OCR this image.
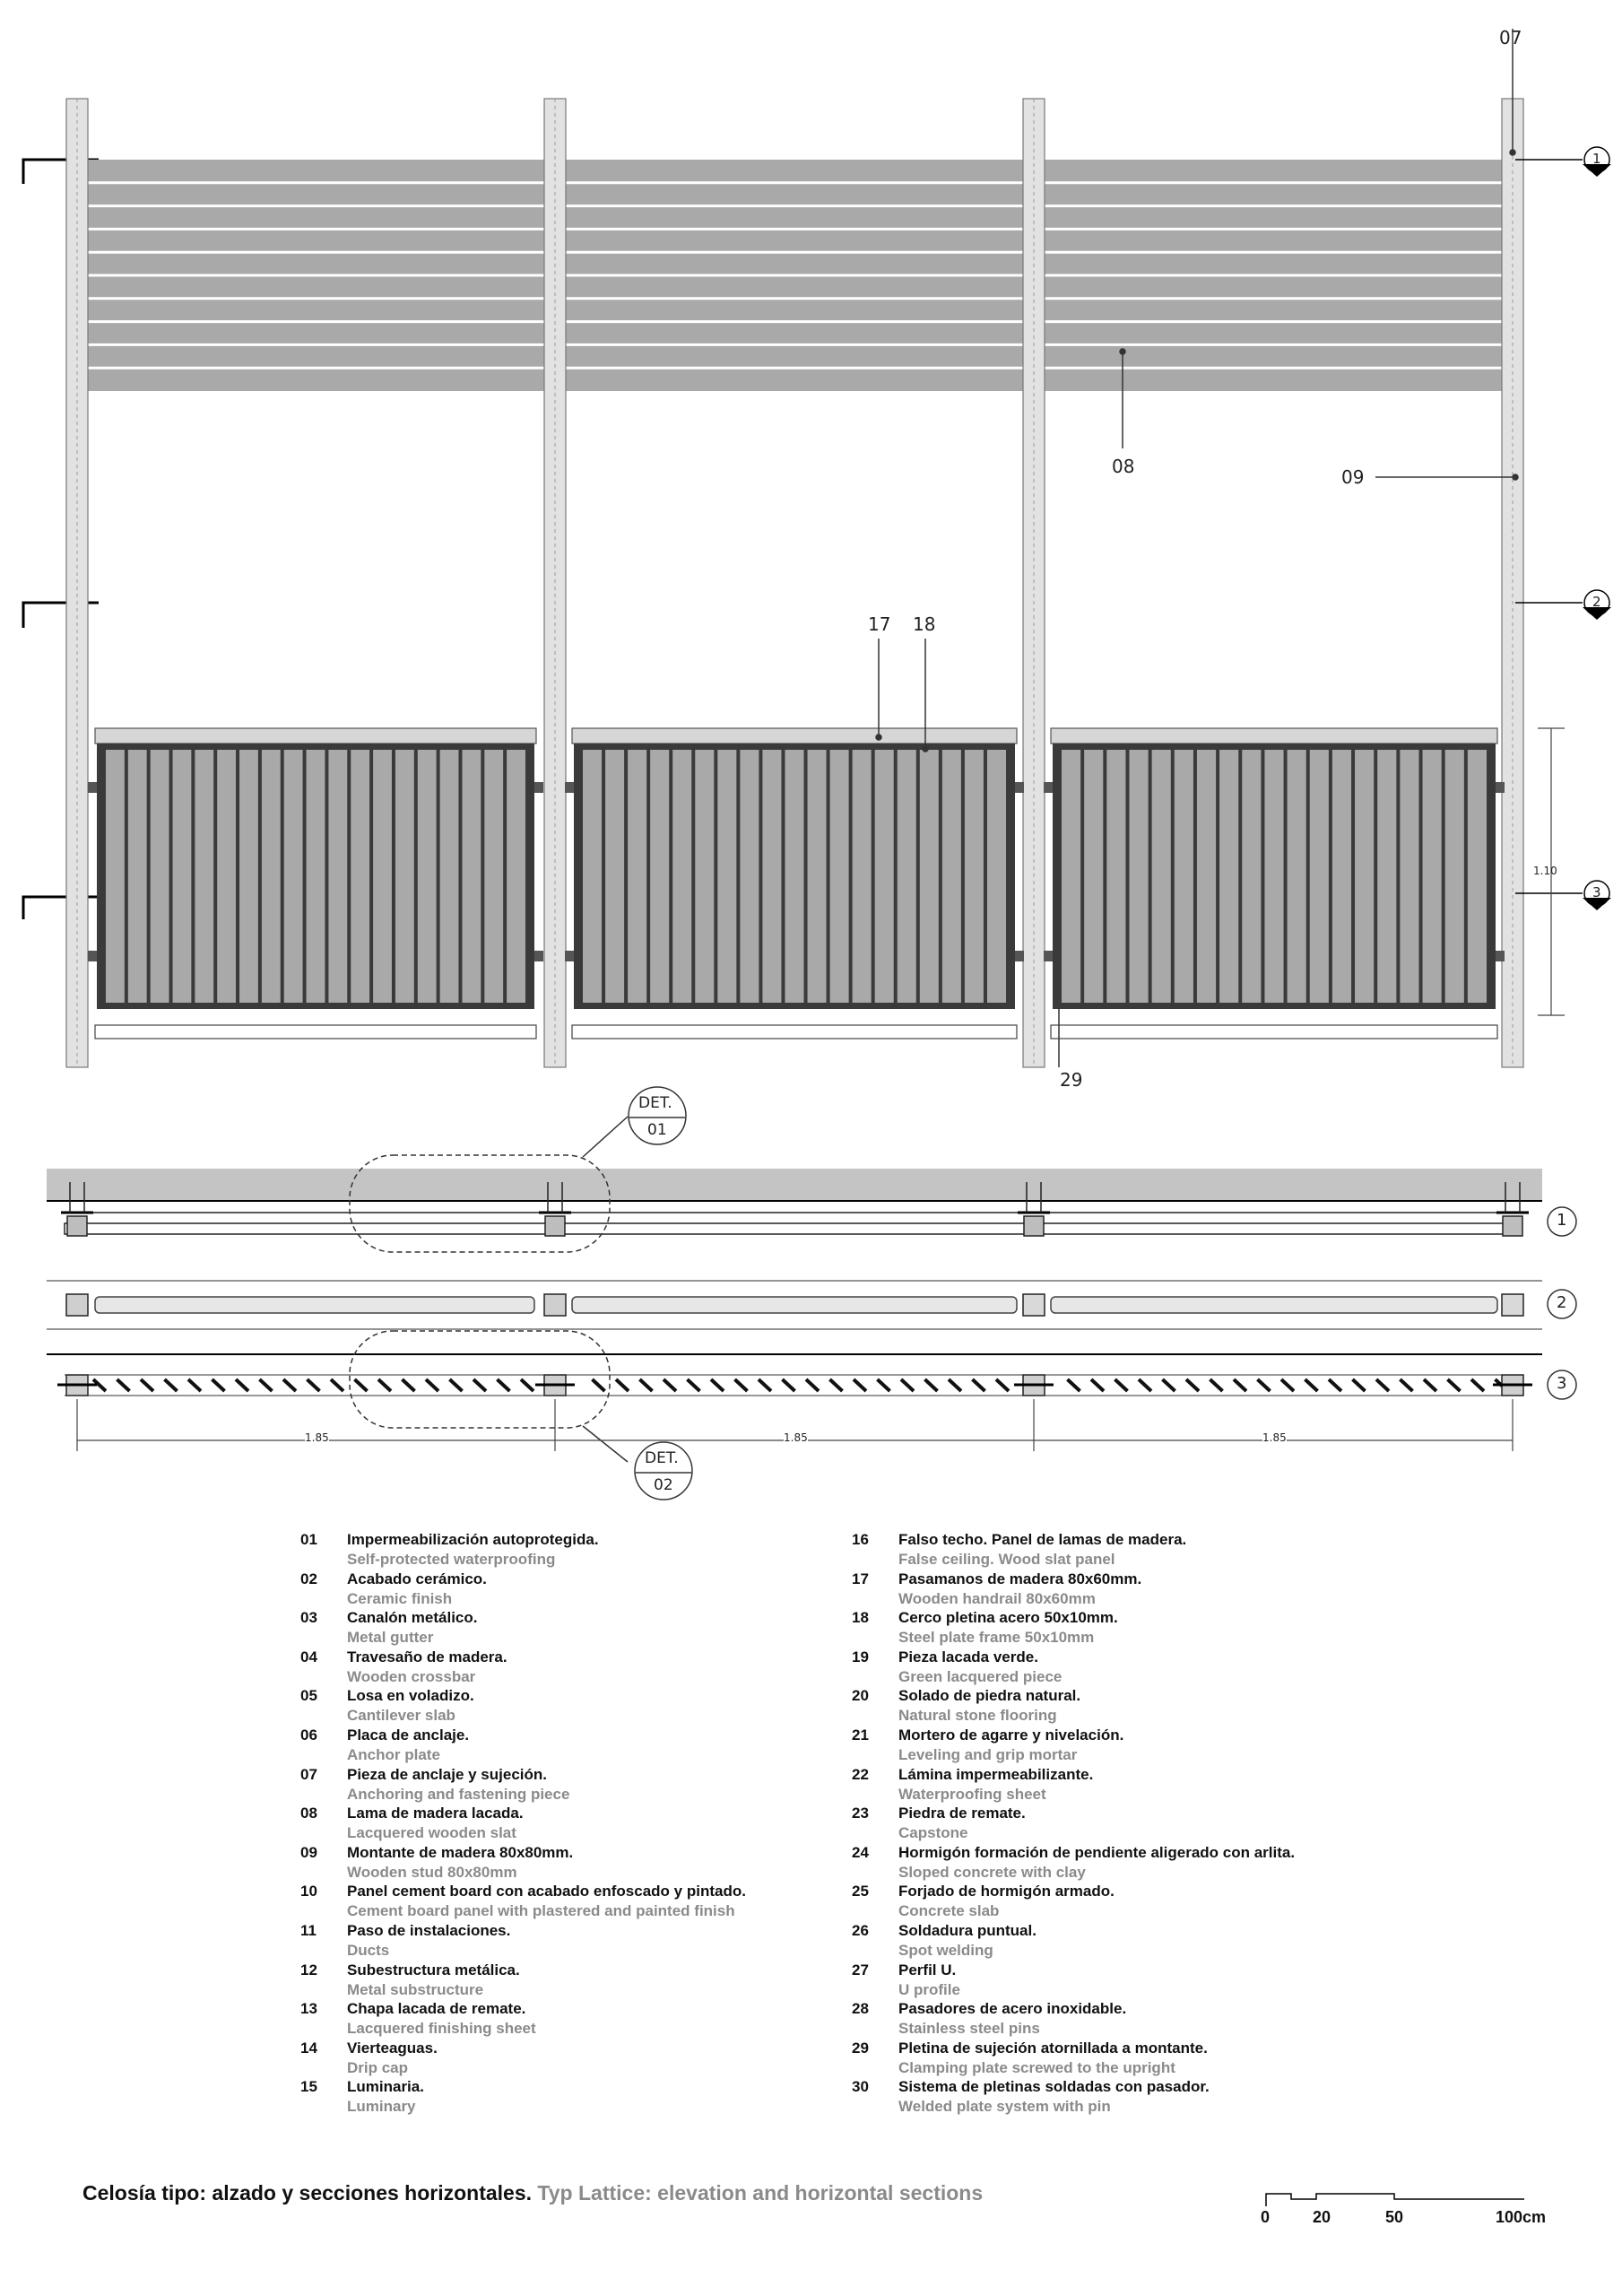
07
08	09
17 18
29
1.10
1.85	1.85	1.85
1
2
3
1
2
3
DET.
01
DET.
02
01 Impermeabilización autoprotegida.
Self-protected waterproofing
02 Acabado cerámico.
Ceramic finish
03 Canalón metálico.
Metal gutter
04 Travesaño de madera.
Wooden crossbar
05 Losa en voladizo.
Cantilever slab
06 Placa de anclaje.
Anchor plate
07 Pieza de anclaje y sujeción.
Anchoring and fastening piece
08 Lama de madera lacada.
Lacquered wooden slat
09 Montante de madera 80x80mm.
Wooden stud 80x80mm
10 Panel cement board con acabado enfoscado y pintado.
Cement board panel with plastered and painted finish
11 Paso de instalaciones.
Ducts
12 Subestructura metálica.
Metal substructure
13 Chapa lacada de remate.
Lacquered finishing sheet
14 Vierteaguas.
Drip cap
15 Luminaria.
Luminary
16 Falso techo. Panel de lamas de madera.
False ceiling. Wood slat panel
17 Pasamanos de madera 80x60mm.
Wooden handrail 80x60mm
18 Cerco pletina acero 50x10mm.
Steel plate frame 50x10mm
19 Pieza lacada verde.
Green lacquered piece
20 Solado de piedra natural.
Natural stone flooring
21 Mortero de agarre y nivelación.
Leveling and grip mortar
22 Lámina impermeabilizante.
Waterproofing sheet
23 Piedra de remate.
Capstone
24 Hormigón formación de pendiente aligerado con arlita.
Sloped concrete with clay
25 Forjado de hormigón armado.
Concrete slab
26 Soldadura puntual.
Spot welding
27 Perfil U.
U profile
28 Pasadores de acero inoxidable.
Stainless steel pins
29 Pletina de sujeción atornillada a montante.
Clamping plate screwed to the upright
30 Sistema de pletinas soldadas con pasador.
Welded plate system with pin
Celosía tipo: alzado y secciones horizontales. Typ Lattice: elevation and horizontal sections
0	20	50	100cm
